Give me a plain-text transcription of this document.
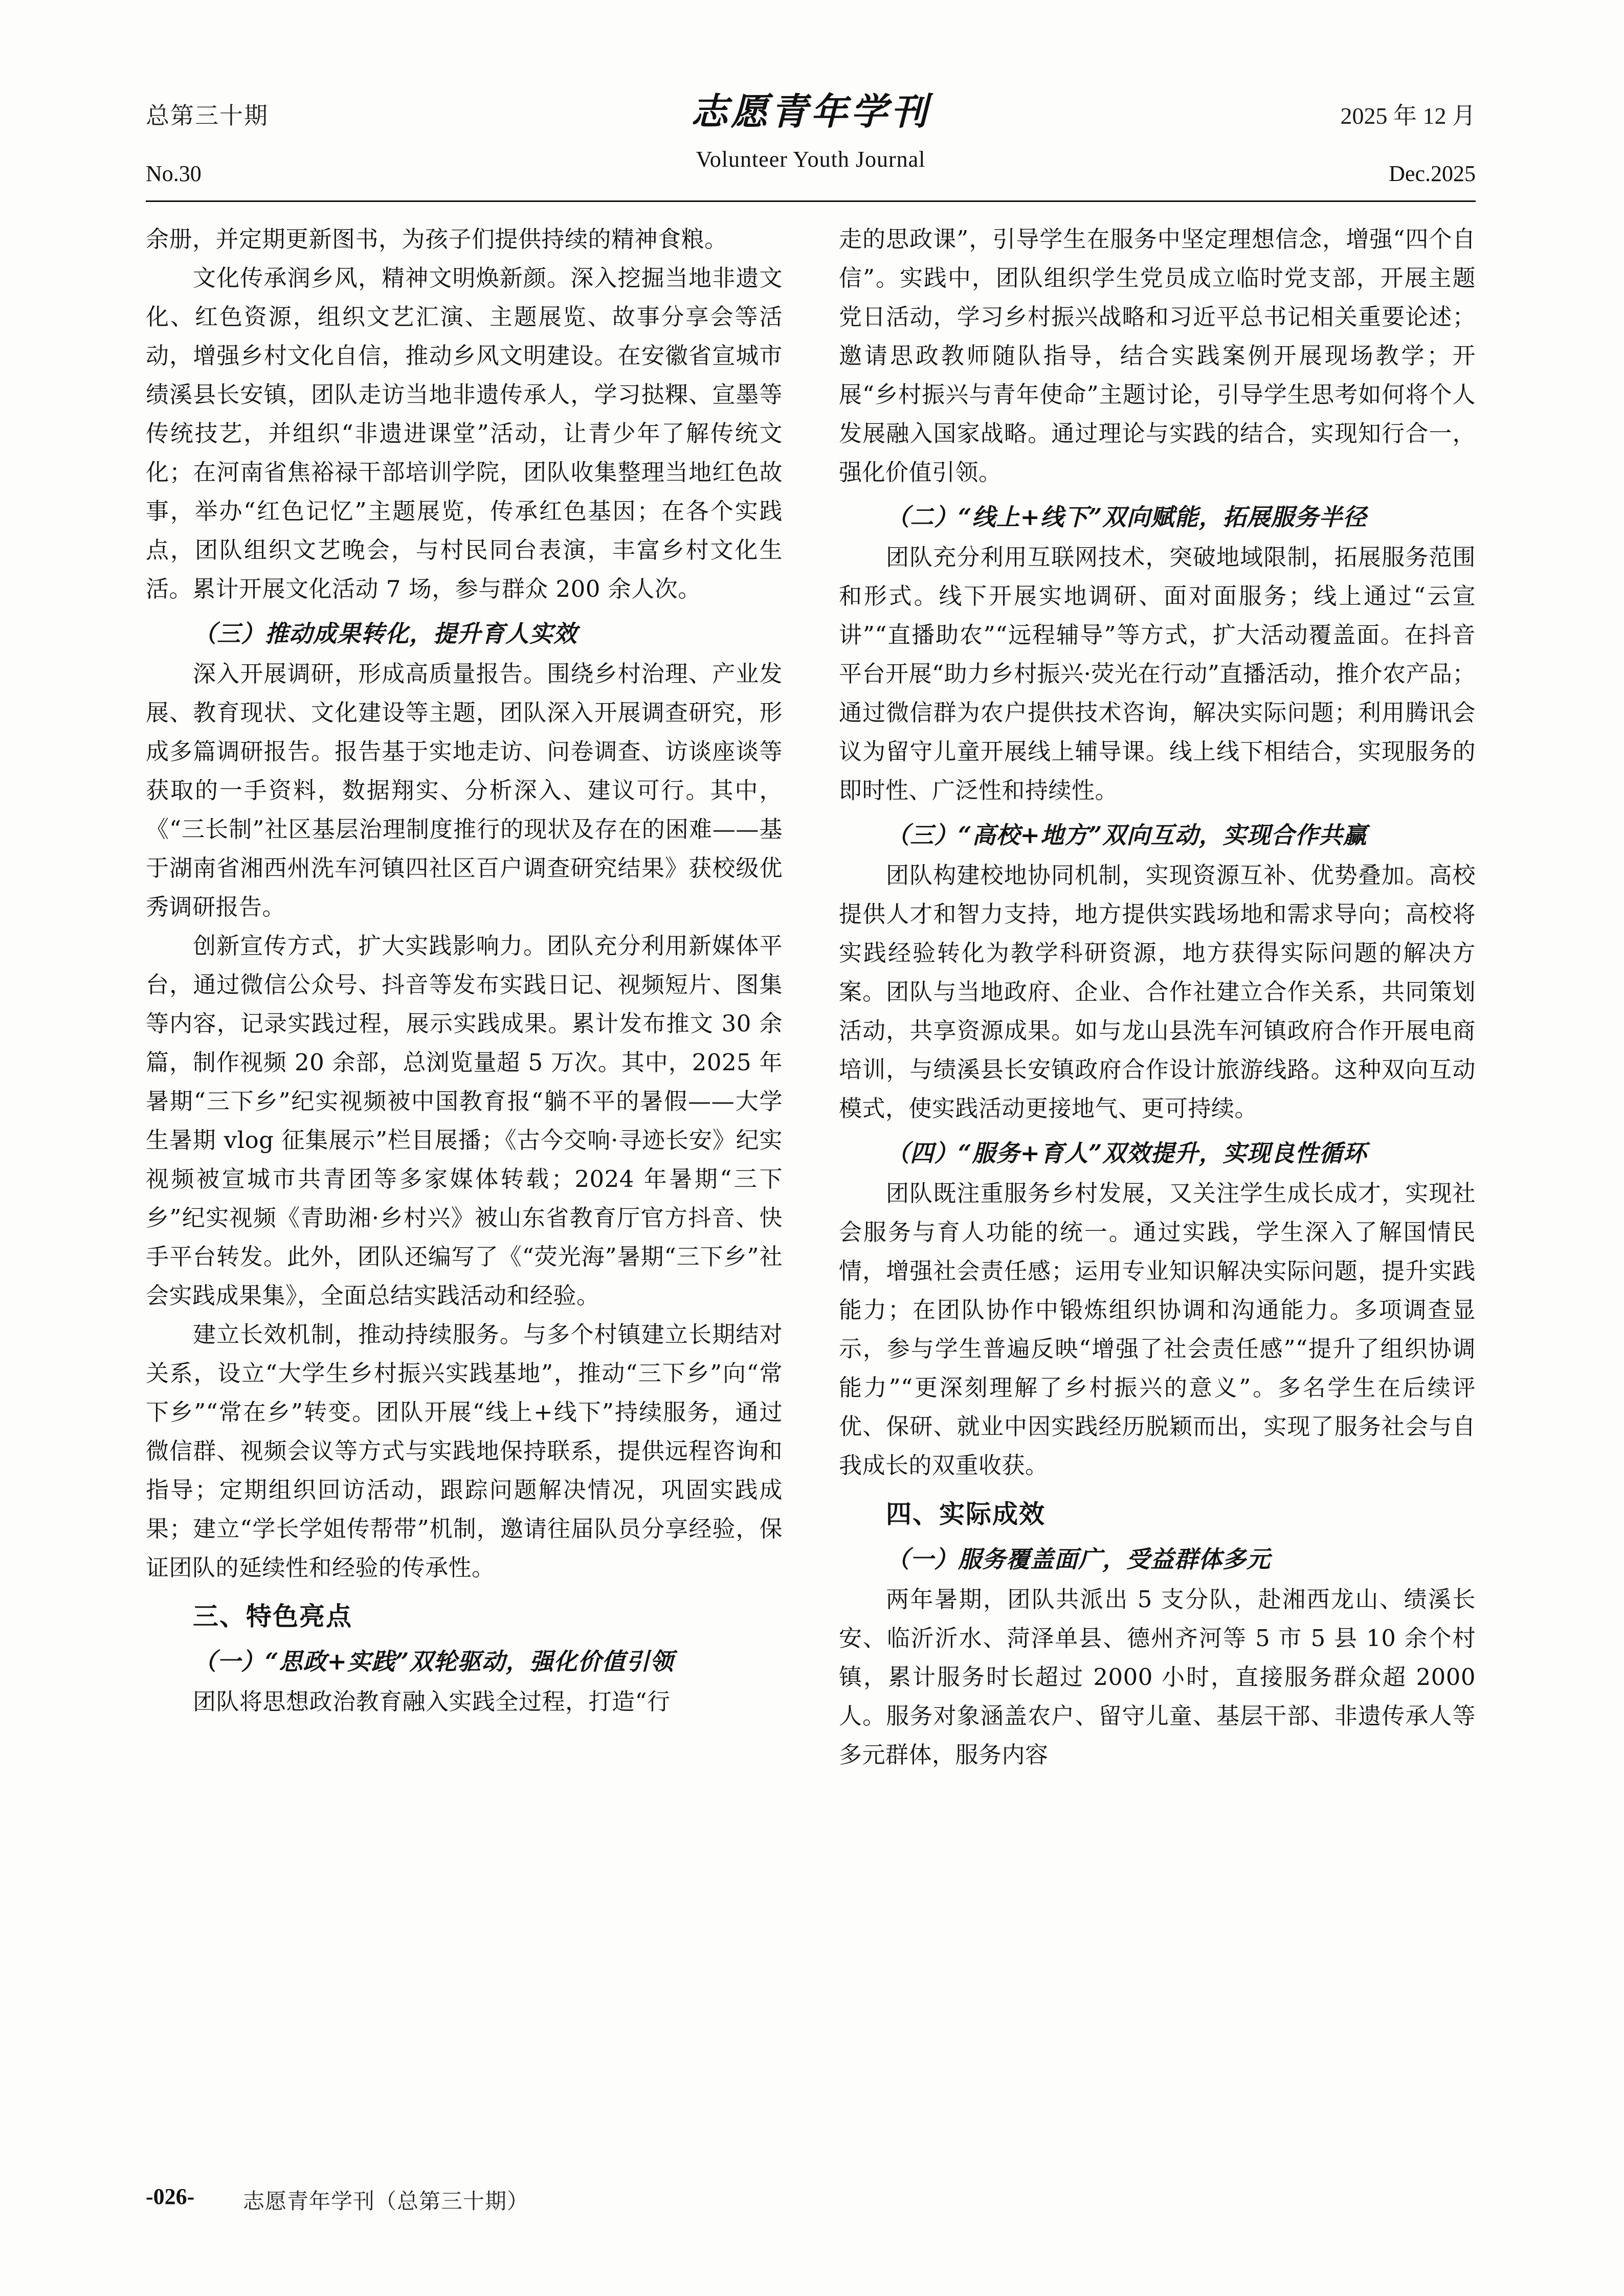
总第三十期	志愿青年学刊
Volunteer Youth Journal
2025 年 12 月
No.30	Dec.2025

余册，并定期更新图书，为孩子们提供持续的精神食粮。

文化传承润乡风，精神文明焕新颜。深入挖掘当地非遗文化、红色资源，组织文艺汇演、主题展览、故事分享会等活动，增强乡村文化自信，推动乡风文明建设。在安徽省宣城市绩溪县长安镇，团队走访当地非遗传承人，学习挞粿、宣墨等传统技艺，并组织“非遗进课堂”活动，让青少年了解传统文化；在河南省焦裕禄干部培训学院，团队收集整理当地红色故事，举办“红色记忆”主题展览，传承红色基因；在各个实践点，团队组织文艺晚会，与村民同台表演，丰富乡村文化生活。累计开展文化活动 7 场，参与群众 200 余人次。

（三）推动成果转化，提升育人实效

深入开展调研，形成高质量报告。围绕乡村治理、产业发展、教育现状、文化建设等主题，团队深入开展调查研究，形成多篇调研报告。报告基于实地走访、问卷调查、访谈座谈等获取的一手资料，数据翔实、分析深入、建议可行。其中，《“三长制”社区基层治理制度推行的现状及存在的困难——基于湖南省湘西州洗车河镇四社区百户调查研究结果》获校级优秀调研报告。

创新宣传方式，扩大实践影响力。团队充分利用新媒体平台，通过微信公众号、抖音等发布实践日记、视频短片、图集等内容，记录实践过程，展示实践成果。累计发布推文 30 余篇，制作视频 20 余部，总浏览量超 5 万次。其中，2025 年暑期“三下乡”纪实视频被中国教育报“躺不平的暑假——大学生暑期 vlog 征集展示”栏目展播；《古今交响·寻迹长安》纪实视频被宣城市共青团等多家媒体转载；2024 年暑期“三下乡”纪实视频《青助湘·乡村兴》被山东省教育厅官方抖音、快手平台转发。此外，团队还编写了《“荧光海”暑期“三下乡”社会实践成果集》，全面总结实践活动和经验。

建立长效机制，推动持续服务。与多个村镇建立长期结对关系，设立“大学生乡村振兴实践基地”，推动“三下乡”向“常下乡”“常在乡”转变。团队开展“线上+线下”持续服务，通过微信群、视频会议等方式与实践地保持联系，提供远程咨询和指导；定期组织回访活动，跟踪问题解决情况，巩固实践成果；建立“学长学姐传帮带”机制，邀请往届队员分享经验，保证团队的延续性和经验的传承性。

三、特色亮点
（一）“思政+实践”双轮驱动，强化价值引领

团队将思想政治教育融入实践全过程，打造“行

走的思政课”，引导学生在服务中坚定理想信念，增强“四个自信”。实践中，团队组织学生党员成立临时党支部，开展主题党日活动，学习乡村振兴战略和习近平总书记相关重要论述；邀请思政教师随队指导，结合实践案例开展现场教学；开展“乡村振兴与青年使命”主题讨论，引导学生思考如何将个人发展融入国家战略。通过理论与实践的结合，实现知行合一，强化价值引领。

（二）“线上+线下”双向赋能，拓展服务半径

团队充分利用互联网技术，突破地域限制，拓展服务范围和形式。线下开展实地调研、面对面服务；线上通过“云宣讲”“直播助农”“远程辅导”等方式，扩大活动覆盖面。在抖音平台开展“助力乡村振兴·荧光在行动”直播活动，推介农产品；通过微信群为农户提供技术咨询，解决实际问题；利用腾讯会议为留守儿童开展线上辅导课。线上线下相结合，实现服务的即时性、广泛性和持续性。

（三）“高校+地方”双向互动，实现合作共赢

团队构建校地协同机制，实现资源互补、优势叠加。高校提供人才和智力支持，地方提供实践场地和需求导向；高校将实践经验转化为教学科研资源，地方获得实际问题的解决方案。团队与当地政府、企业、合作社建立合作关系，共同策划活动，共享资源成果。如与龙山县洗车河镇政府合作开展电商培训，与绩溪县长安镇政府合作设计旅游线路。这种双向互动模式，使实践活动更接地气、更可持续。

（四）“服务+育人”双效提升，实现良性循环

团队既注重服务乡村发展，又关注学生成长成才，实现社会服务与育人功能的统一。通过实践，学生深入了解国情民情，增强社会责任感；运用专业知识解决实际问题，提升实践能力；在团队协作中锻炼组织协调和沟通能力。多项调查显示，参与学生普遍反映“增强了社会责任感”“提升了组织协调能力”“更深刻理解了乡村振兴的意义”。多名学生在后续评优、保研、就业中因实践经历脱颖而出，实现了服务社会与自我成长的双重收获。

四、实际成效
（一）服务覆盖面广，受益群体多元

两年暑期，团队共派出 5 支分队，赴湘西龙山、绩溪长安、临沂沂水、菏泽单县、德州齐河等 5 市 5 县 10 余个村镇，累计服务时长超过 2000 小时，直接服务群众超 2000 人。服务对象涵盖农户、留守儿童、基层干部、非遗传承人等多元群体，服务内容

-026- 志愿青年学刊（总第三十期）
